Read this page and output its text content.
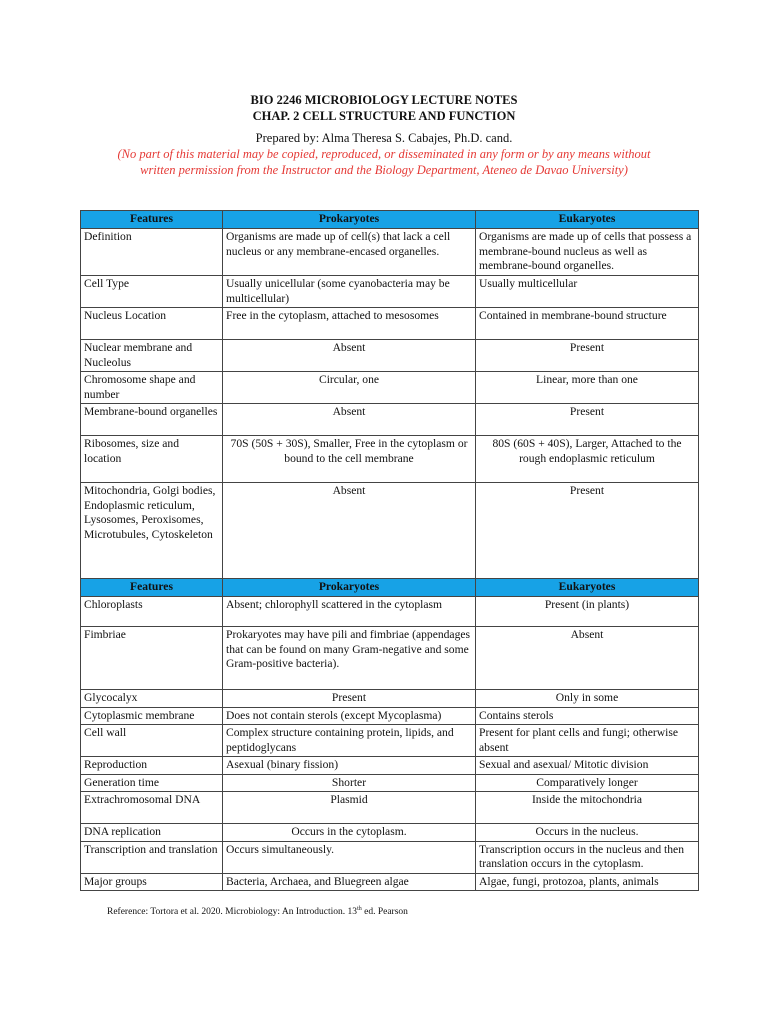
BIO 2246 MICROBIOLOGY LECTURE NOTES
CHAP. 2 CELL STRUCTURE AND FUNCTION
Prepared by: Alma Theresa S. Cabajes, Ph.D. cand.
(No part of this material may be copied, reproduced, or disseminated in any form or by any means without
written permission from the Instructor and the Biology Department, Ateneo de Davao University)
Features	Prokaryotes	Eukaryotes
Definition	Organisms are made up of cell(s) that lack a cell nucleus or any membrane-encased organelles.	Organisms are made up of cells that possess a membrane-bound nucleus as well as membrane-bound organelles.
Cell Type	Usually unicellular (some cyanobacteria may be multicellular)	Usually multicellular
Nucleus Location	Free in the cytoplasm, attached to mesosomes	Contained in membrane-bound structure
Nuclear membrane and Nucleolus	Absent	Present
Chromosome shape and number	Circular, one	Linear, more than one
Membrane-bound organelles	Absent	Present
Ribosomes, size and location	70S (50S + 30S), Smaller, Free in the cytoplasm or bound to the cell membrane	80S (60S + 40S), Larger, Attached to the rough endoplasmic reticulum
Mitochondria, Golgi bodies, Endoplasmic reticulum, Lysosomes, Peroxisomes, Microtubules, Cytoskeleton	Absent	Present
Features	Prokaryotes	Eukaryotes
Chloroplasts	Absent; chlorophyll scattered in the cytoplasm	Present (in plants)
Fimbriae	Prokaryotes may have pili and fimbriae (appendages that can be found on many Gram-negative and some Gram-positive bacteria).	Absent
Glycocalyx	Present	Only in some
Cytoplasmic membrane	Does not contain sterols (except Mycoplasma)	Contains sterols
Cell wall	Complex structure containing protein, lipids, and peptidoglycans	Present for plant cells and fungi; otherwise absent
Reproduction	Asexual (binary fission)	Sexual and asexual/ Mitotic division
Generation time	Shorter	Comparatively longer
Extrachromosomal DNA	Plasmid	Inside the mitochondria
DNA replication	Occurs in the cytoplasm.	Occurs in the nucleus.
Transcription and translation	Occurs simultaneously.	Transcription occurs in the nucleus and then translation occurs in the cytoplasm.
Major groups	Bacteria, Archaea, and Bluegreen algae	Algae, fungi, protozoa, plants, animals
Reference: Tortora et al. 2020. Microbiology: An Introduction. 13th ed. Pearson
